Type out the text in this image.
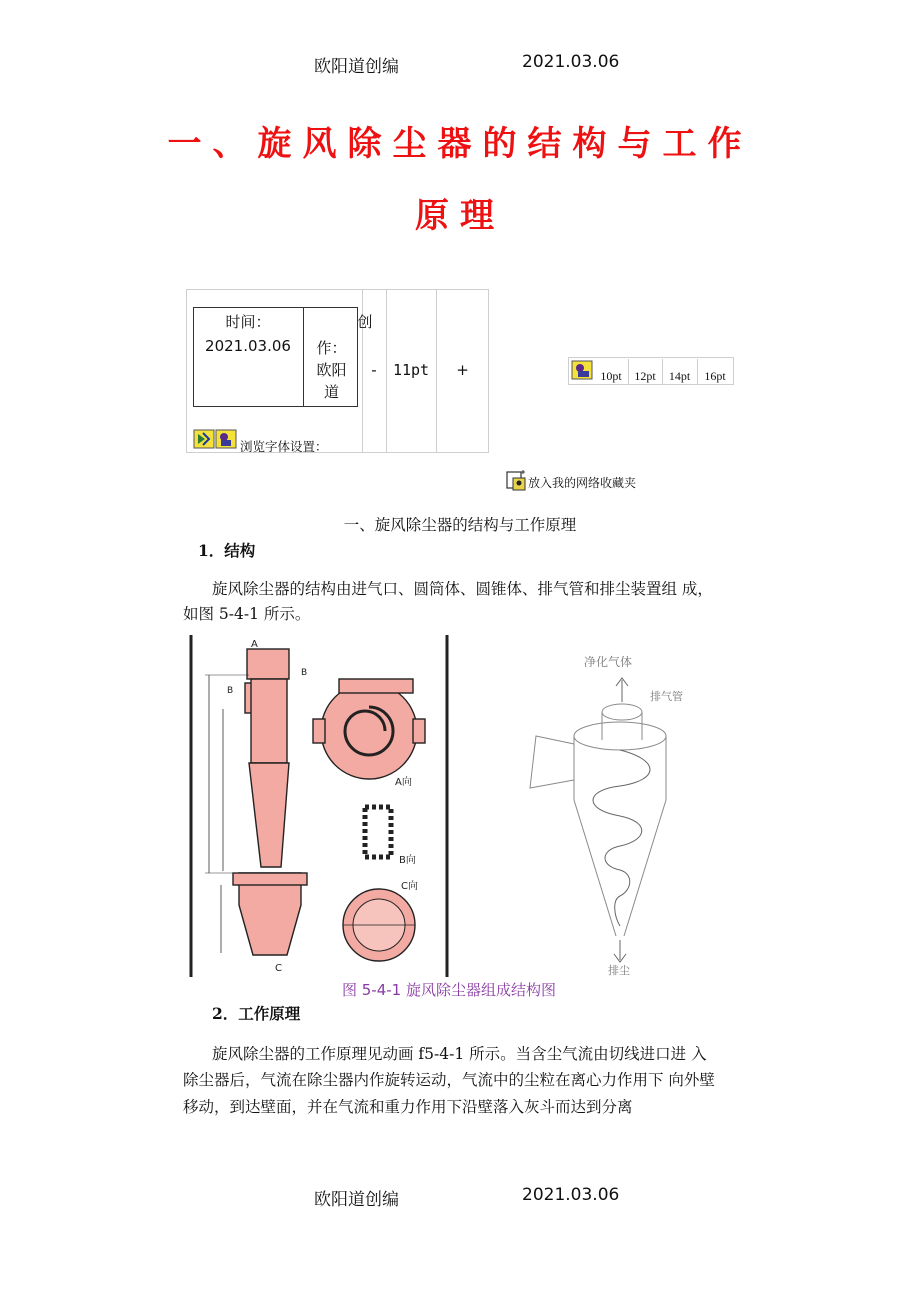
欧阳道创编	2021.03.06
一、旋风除尘器的结构与工作
原理
时间：
2021.03.06
创
作：
欧阳
道
-	11pt	+
浏览字体设置：
10pt	12pt	14pt	16pt
放入我的网络收藏夹
一、旋风除尘器的结构与工作原理
1．结构
旋风除尘器的结构由进气口、圆筒体、圆锥体、排气管和排尘装置组 成，
如图 5-4-1 所示。
A
B
B
C
A向
B向
C向
净化气体
排气管
排尘
图 5-4-1 旋风除尘器组成结构图
2．工作原理
旋风除尘器的工作原理见动画 f5-4-1 所示。当含尘气流由切线进口进 入
除尘器后，气流在除尘器内作旋转运动，气流中的尘粒在离心力作用下 向外壁
移动，到达壁面，并在气流和重力作用下沿壁落入灰斗而达到分离
欧阳道创编	2021.03.06
